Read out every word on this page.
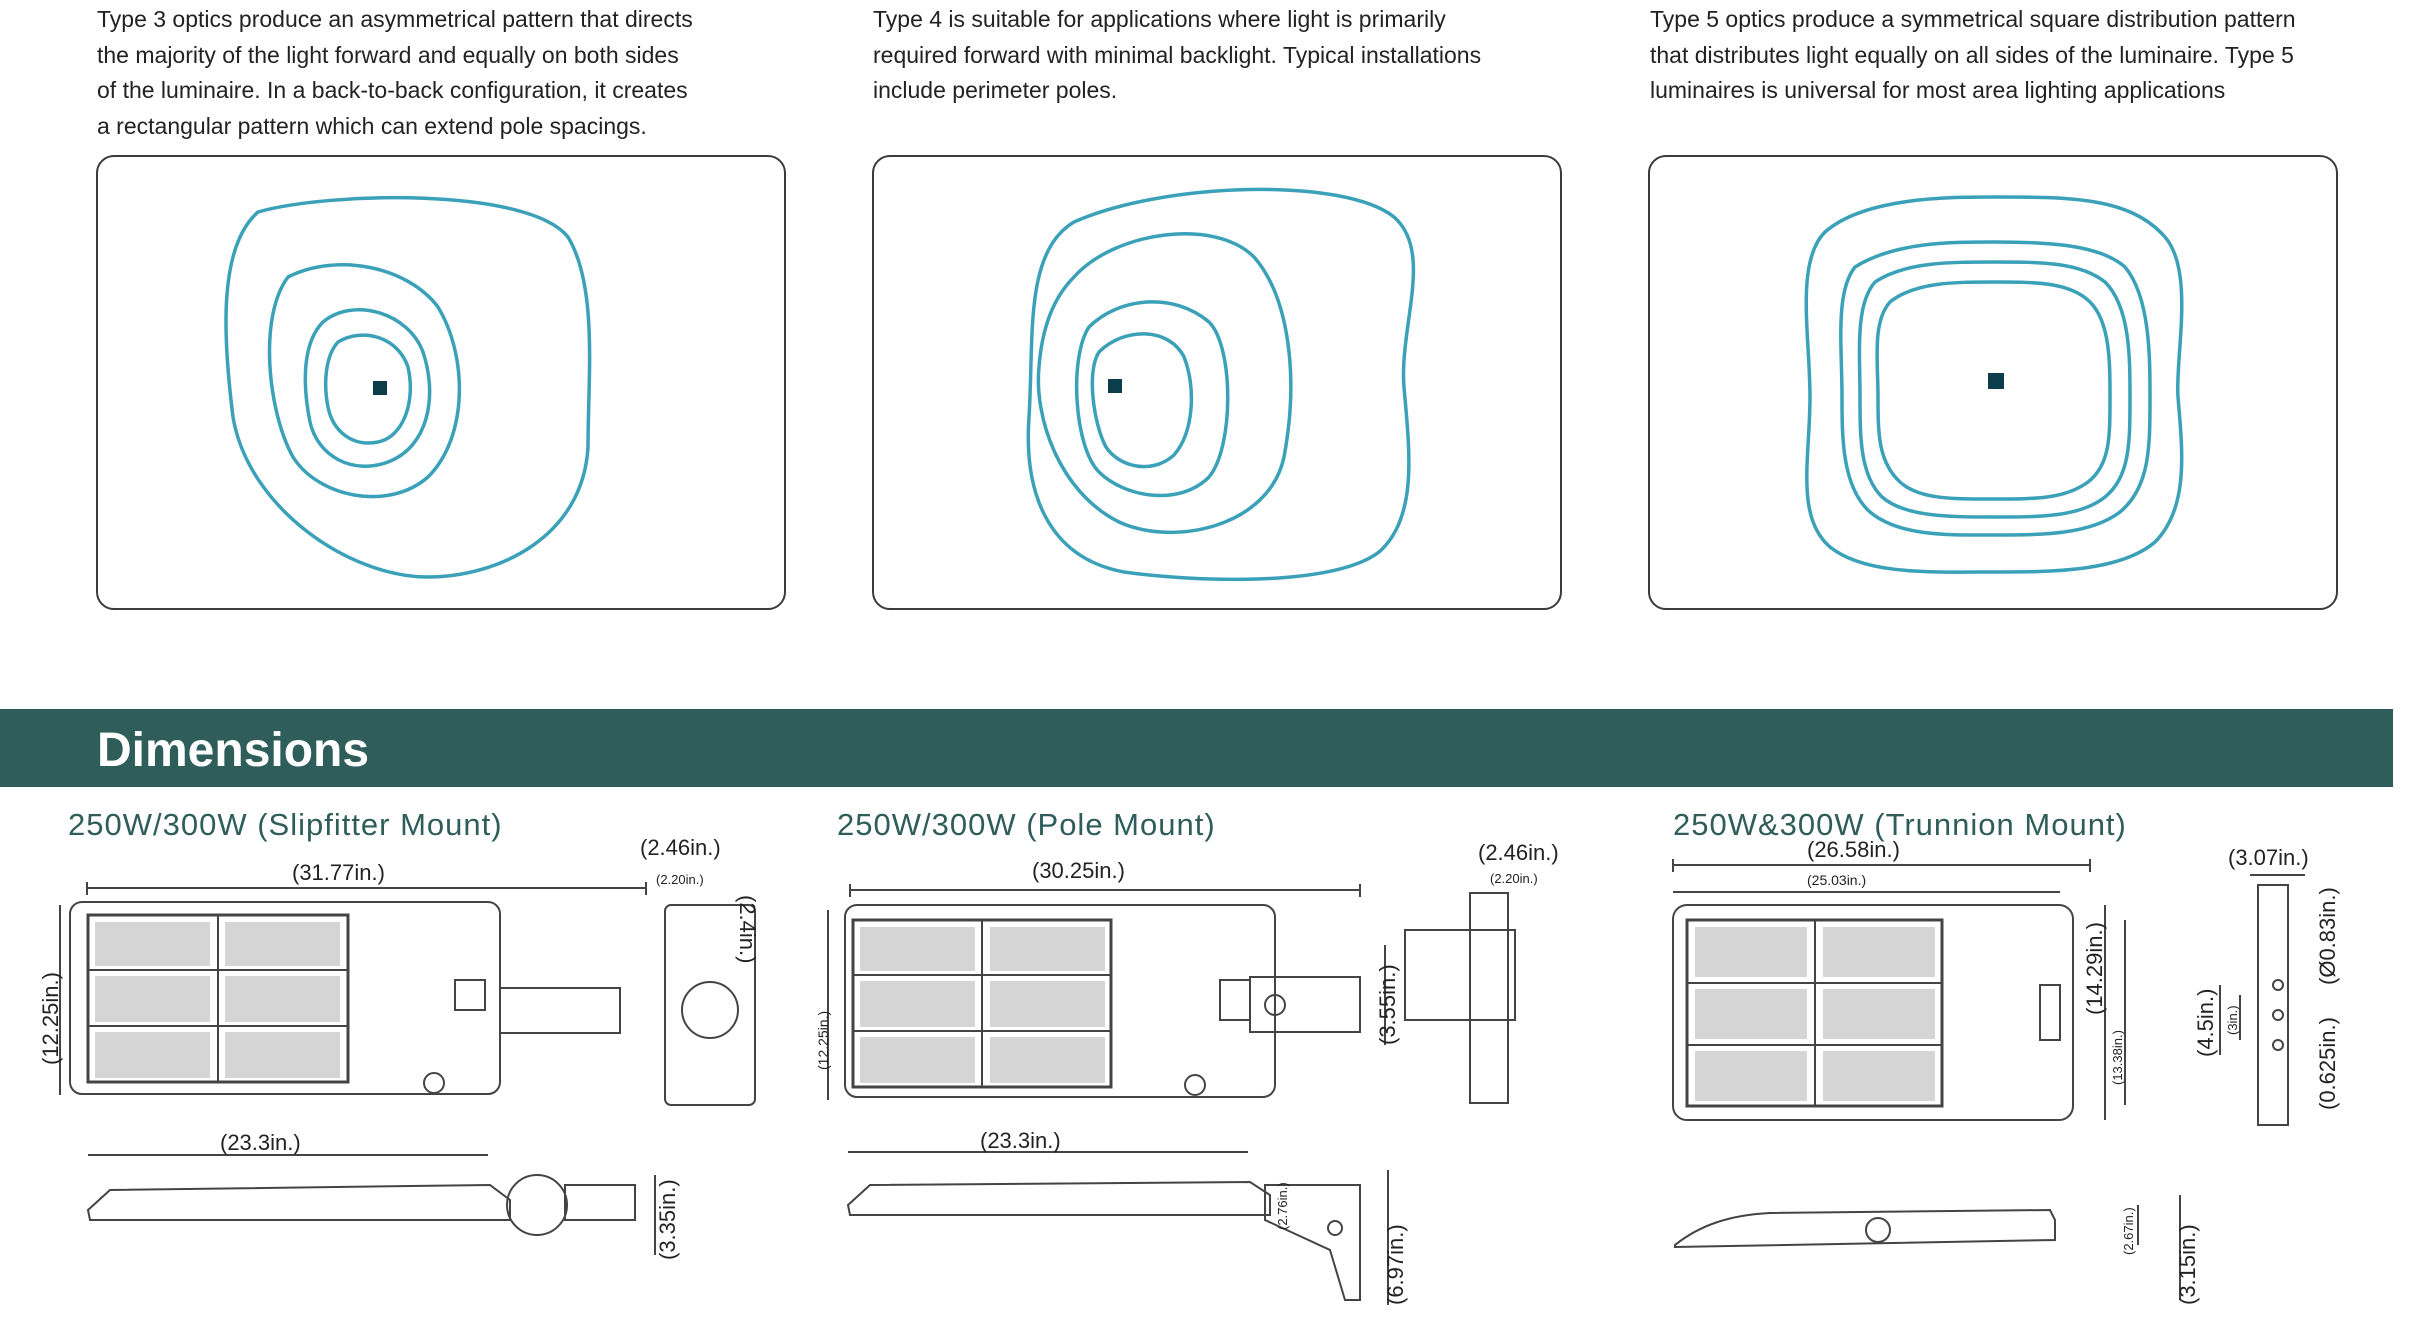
Type 3 optics produce an asymmetrical pattern that directs

the majority of the light forward and equally on both sides

of the luminaire. In a back-to-back configuration, it creates

a rectangular pattern which can extend pole spacings.

Type 4 is suitable for applications where light is primarily

required forward with minimal backlight. Typical installations

include perimeter poles.

Type 5 optics produce a symmetrical square distribution pattern

that distributes light equally on all sides of the luminaire. Type 5

luminaires is universal for most area lighting applications

Dimensions
250W/300W (Slipfitter Mount)	250W/300W (Pole Mount)	250W&300W (Trunnion Mount)
(31.77in.)
(12.25in.)
(2.46in.)
(2.20in.)
(2.4in.)
(23.3in.)
(3.35in.)
(30.25in.)
(12.25in.)	(3.55in.)
(2.46in.)
(2.20in.)
(23.3in.)
(2.76in.)
(6.97in.)
(26.58in.)
(25.03in.)
(14.29in.)
(13.38in.)
(3.07in.)
(4.5in.) (3in.)
(Ø0.83in.)
(0.625in.)
(2.67in.) (3.15in.)
